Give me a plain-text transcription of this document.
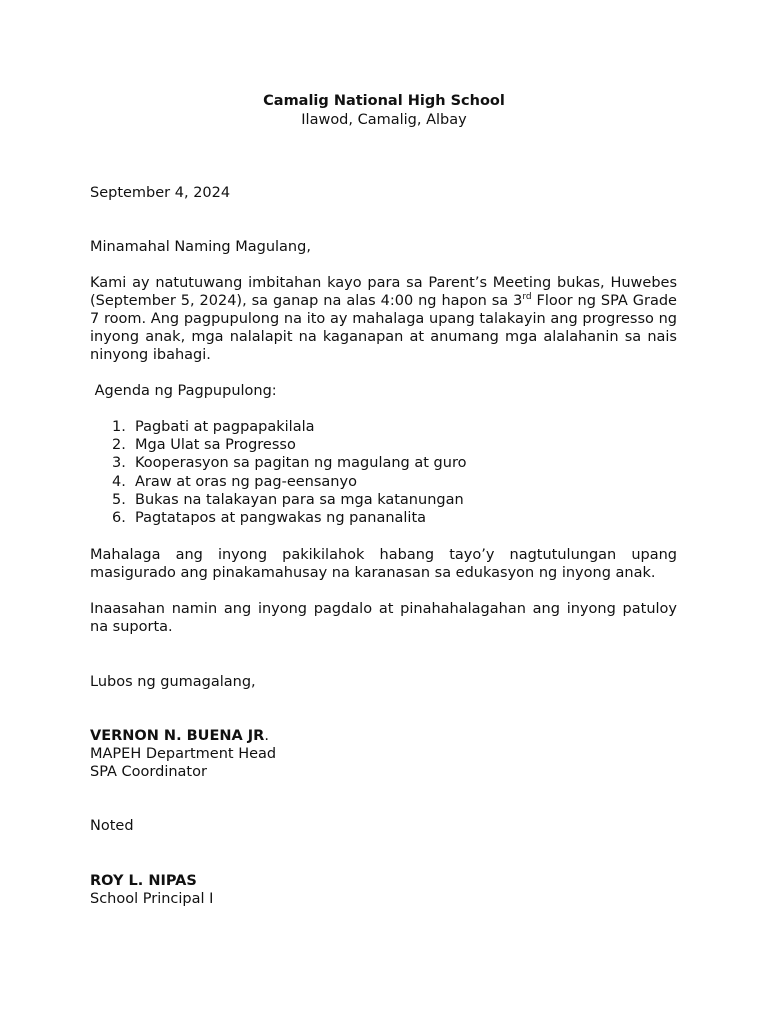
Camalig National High School
Ilawod, Camalig, Albay
September 4, 2024
Minamahal Naming Magulang,
Kami ay natutuwang imbitahan kayo para sa Parent’s Meeting bukas, Huwebes (September 5, 2024), sa ganap na alas 4:00 ng hapon sa 3rd Floor ng SPA Grade 7 room. Ang pagpupulong na ito ay mahalaga upang talakayin ang progresso ng inyong anak, mga nalalapit na kaganapan at anumang mga alalahanin sa nais ninyong ibahagi.
Agenda ng Pagpupulong:
1. Pagbati at pagpapakilala
2. Mga Ulat sa Progresso
3. Kooperasyon sa pagitan ng magulang at guro
4. Araw at oras ng pag-eensanyo
5. Bukas na talakayan para sa mga katanungan
6. Pagtatapos at pangwakas ng pananalita
Mahalaga ang inyong pakikilahok habang tayo’y nagtutulungan upang masigurado ang pinakamahusay na karanasan sa edukasyon ng inyong anak.
Inaasahan namin ang inyong pagdalo at pinahahalagahan ang inyong patuloy na suporta.
Lubos ng gumagalang,
VERNON N. BUENA JR.
MAPEH Department Head
SPA Coordinator
Noted
ROY L. NIPAS
School Principal I
